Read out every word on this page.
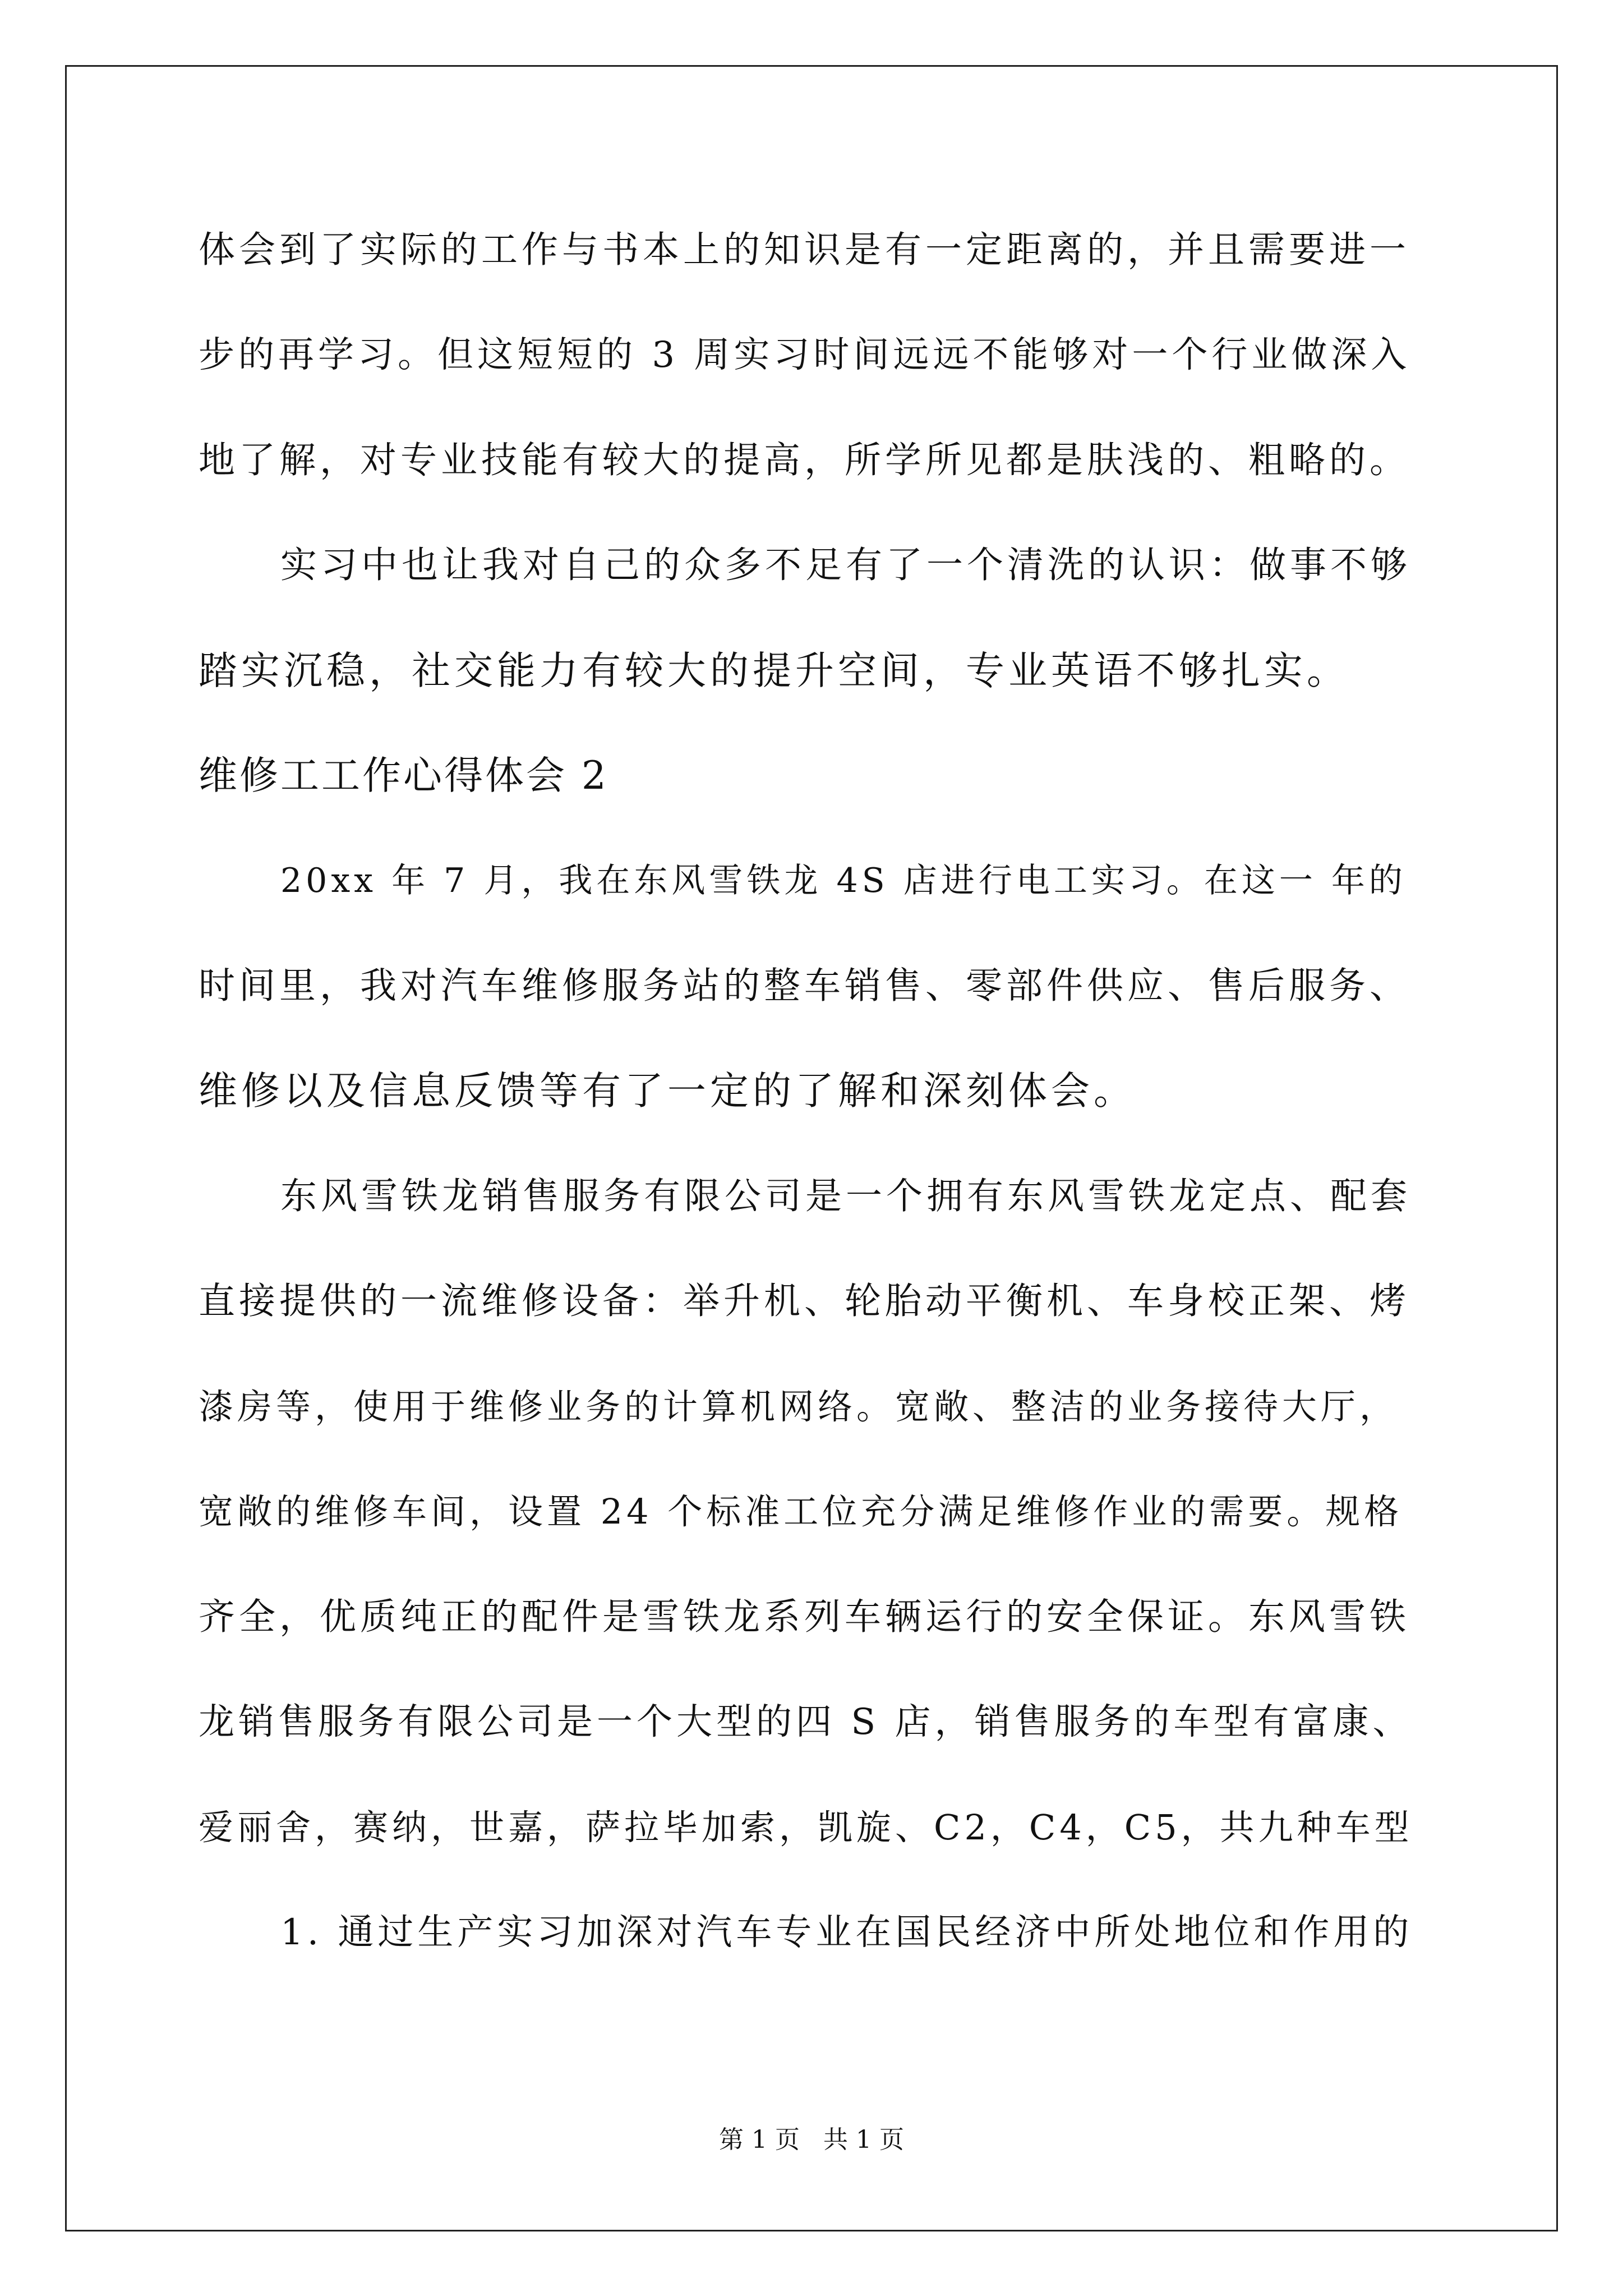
体会到了实际的工作与书本上的知识是有一定距离的，并且需要进一
步的再学习。但这短短的 3 周实习时间远远不能够对一个行业做深入
地了解，对专业技能有较大的提高，所学所见都是肤浅的、粗略的。
实习中也让我对自己的众多不足有了一个清洗的认识：做事不够
踏实沉稳，社交能力有较大的提升空间，专业英语不够扎实。
维修工工作心得体会 2
20xx 年 7 月，我在东风雪铁龙 4S 店进行电工实习。在这一 年的
时间里，我对汽车维修服务站的整车销售、零部件供应、售后服务、
维修以及信息反馈等有了一定的了解和深刻体会。
东风雪铁龙销售服务有限公司是一个拥有东风雪铁龙定点、配套
直接提供的一流维修设备：举升机、轮胎动平衡机、车身校正架、烤
漆房等，使用于维修业务的计算机网络。宽敞、整洁的业务接待大厅，
宽敞的维修车间，设置 24 个标准工位充分满足维修作业的需要。规格
齐全，优质纯正的配件是雪铁龙系列车辆运行的安全保证。东风雪铁
龙销售服务有限公司是一个大型的四 S 店，销售服务的车型有富康、
爱丽舍，赛纳，世嘉，萨拉毕加索，凯旋、C2，C4，C5，共九种车型
1. 通过生产实习加深对汽车专业在国民经济中所处地位和作用的
第 1 页   共 1 页
